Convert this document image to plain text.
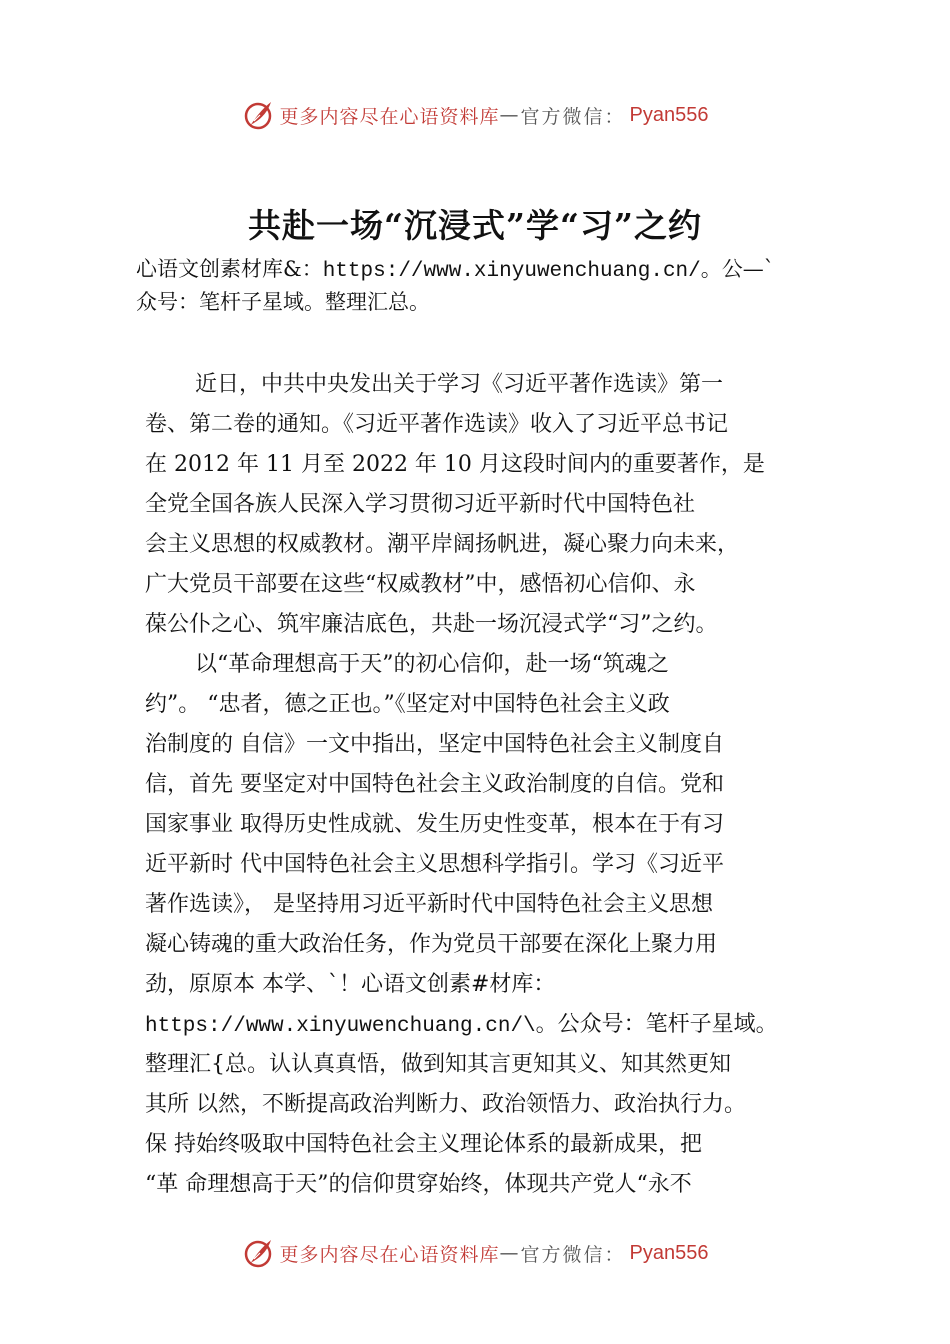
更多内容尽在心语资料库 — 官方微信： Pyan556
共赴一场“沉浸式”学“习”之约
心语文创素材库&：https://www.xinyuwenchuang.cn/。公—`
众号：笔杆子星域。整理汇总。
近日，中共中央发出关于学习《习近平著作选读》第一
卷、第二卷的通知。《习近平著作选读》收入了习近平总书记
在 2012 年 11 月至 2022 年 10 月这段时间内的重要著作，是
全党全国各族人民深入学习贯彻习近平新时代中国特色社
会主义思想的权威教材。潮平岸阔扬帆进，凝心聚力向未来，
广大党员干部要在这些“权威教材”中，感悟初心信仰、永
葆公仆之心、筑牢廉洁底色，共赴一场沉浸式学“习”之约。
以“革命理想高于天”的初心信仰，赴一场“筑魂之
约”。 “忠者，德之正也。”《坚定对中国特色社会主义政
治制度的 自信》一文中指出，坚定中国特色社会主义制度自
信，首先 要坚定对中国特色社会主义政治制度的自信。党和
国家事业 取得历史性成就、发生历史性变革，根本在于有习
近平新时 代中国特色社会主义思想科学指引。学习《习近平
著作选读》， 是坚持用习近平新时代中国特色社会主义思想
凝心铸魂的重大政治任务，作为党员干部要在深化上聚力用
劲，原原本 本学、`！心语文创素#材库：
https://www.xinyuwenchuang.cn/\。公众号：笔杆子星域。
整理汇{总。认认真真悟，做到知其言更知其义、知其然更知
其所 以然，不断提高政治判断力、政治领悟力、政治执行力。
保 持始终吸取中国特色社会主义理论体系的最新成果，把
“革 命理想高于天”的信仰贯穿始终，体现共产党人“永不
更多内容尽在心语资料库 — 官方微信： Pyan556
